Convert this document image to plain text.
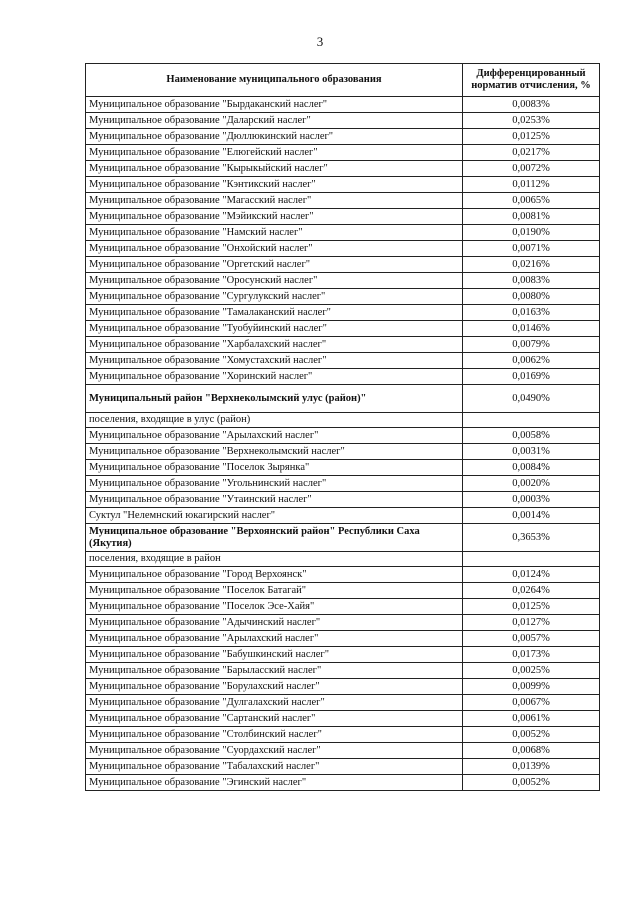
3
Наименование муниципального образования	Дифференцированный норматив отчисления, %
Муниципальное образование "Бырдаканский наслег"	0,0083%
Муниципальное образование "Даларский наслег"	0,0253%
Муниципальное образование "Дюллюкинский наслег"	0,0125%
Муниципальное образование "Елюгейский наслег"	0,0217%
Муниципальное образование "Кырыкыйский наслег"	0,0072%
Муниципальное образование "Кэнтикский наслег"	0,0112%
Муниципальное образование "Магасский наслег"	0,0065%
Муниципальное образование "Мэйикский наслег"	0,0081%
Муниципальное образование "Намский наслег"	0,0190%
Муниципальное образование "Онхойский наслег"	0,0071%
Муниципальное образование "Оргетский наслег"	0,0216%
Муниципальное образование "Оросунский наслег"	0,0083%
Муниципальное образование "Сургулукский наслег"	0,0080%
Муниципальное образование "Тамалаканский наслег"	0,0163%
Муниципальное образование "Туобуйинский наслег"	0,0146%
Муниципальное образование "Харбалахский наслег"	0,0079%
Муниципальное образование "Хомустахский наслег"	0,0062%
Муниципальное образование "Хоринский наслег"	0,0169%
Муниципальный район "Верхнеколымский улус (район)"	0,0490%
поселения, входящие в улус (район)	
Муниципальное образование "Арылахский наслег"	0,0058%
Муниципальное образование "Верхнеколымский наслег"	0,0031%
Муниципальное образование "Поселок Зырянка"	0,0084%
Муниципальное образование "Угольнинский наслег"	0,0020%
Муниципальное образование "Утаинский наслег"	0,0003%
Суктул "Нелемнский юкагирский наслег"	0,0014%
Муниципальное образование "Верхоянский район" Республики Саха (Якутия)	0,3653%
поселения, входящие в район	
Муниципальное образование "Город Верхоянск"	0,0124%
Муниципальное образование "Поселок Батагай"	0,0264%
Муниципальное образование "Поселок Эсе-Хайя"	0,0125%
Муниципальное образование "Адычинский наслег"	0,0127%
Муниципальное образование "Арылахский наслег"	0,0057%
Муниципальное образование "Бабушкинский наслег"	0,0173%
Муниципальное образование "Барыласский наслег"	0,0025%
Муниципальное образование "Борулахский наслег"	0,0099%
Муниципальное образование "Дулгалахский наслег"	0,0067%
Муниципальное образование "Сартанский наслег"	0,0061%
Муниципальное образование "Столбинский наслег"	0,0052%
Муниципальное образование "Суордахский наслег"	0,0068%
Муниципальное образование "Табалахский наслег"	0,0139%
Муниципальное образование "Эгинский наслег"	0,0052%
